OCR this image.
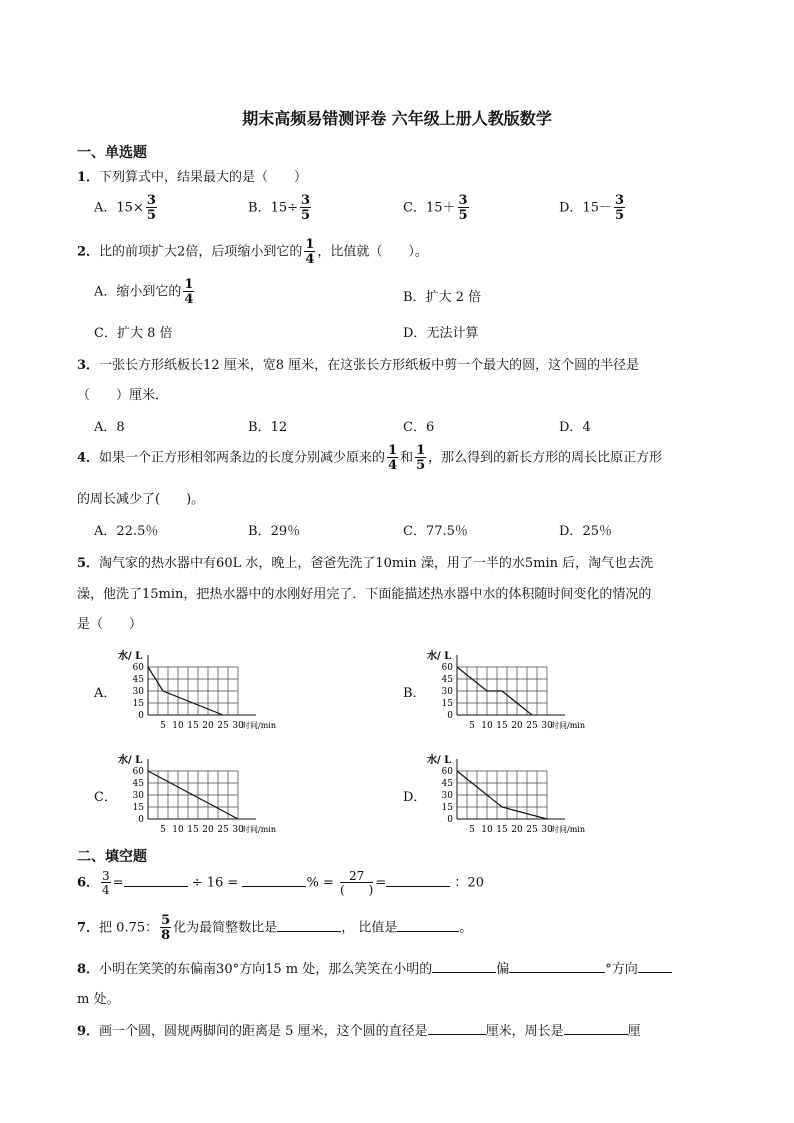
期末高频易错测评卷 六年级上册人教版数学
一、单选题
1．下列算式中，结果最大的是（　　）
A．$15\times \frac{3}{5}$	B．$15\div \frac{3}{5}$	C．$15+ \frac{3}{5}$	D．$15- \frac{3}{5}$
2．比的前项扩大2倍，后项缩小到它的 $\frac{1}{4}$ ，比值就（　　）。
A．缩小到它的 $\frac{1}{4}$	B．扩大 2 倍
C．扩大 8 倍	D．无法计算
3．一张长方形纸板长12 厘米，宽8 厘米，在这张长方形纸板中剪一个最大的圆，这个圆的半径是
（　　）厘米．
A．8	B．12	C．6	D．4
4．如果一个正方形相邻两条边的长度分别减少原来的 $\frac{1}{4}$ 和 $\frac{1}{5}$ ，那么得到的新长方形的周长比原正方形
的周长减少了(　　)。
A．22.5％	B．29％	C．77.5％	D．25％
5．淘气家的热水器中有60L 水，晚上，爸爸先洗了10min 澡，用了一半的水5min 后，淘气也去洗
澡，他洗了15min，把热水器中的水刚好用完了．下面能描述热水器中水的体积随时间变化的情况的
是（　　）
A．	B．
C．	D．
水/ L
时间/min
60
45
30
15
0
5 10 15 20 25 30
水/ L
时间/min
60
45
30
15
0
5 10 15 20 25 30
水/ L
时间/min
60
45
30
15
0
5 10 15 20 25 30
水/ L
时间/min
60
45
30
15
0
5 10 15 20 25 30
二、填空题
6． $\frac{3}{4}$ =	÷ 16 =	% = $\frac{27}{( )}$ =	：20
7．把 0.75： $\frac{5}{8}$ 化为最简整数比是	， 比值是	。
8．小明在笑笑的东偏南30°方向15 m 处，那么笑笑在小明的	偏	°方向
m 处。
9．画一个圆，圆规两脚间的距离是 5 厘米，这个圆的直径是	厘米，周长是	厘
